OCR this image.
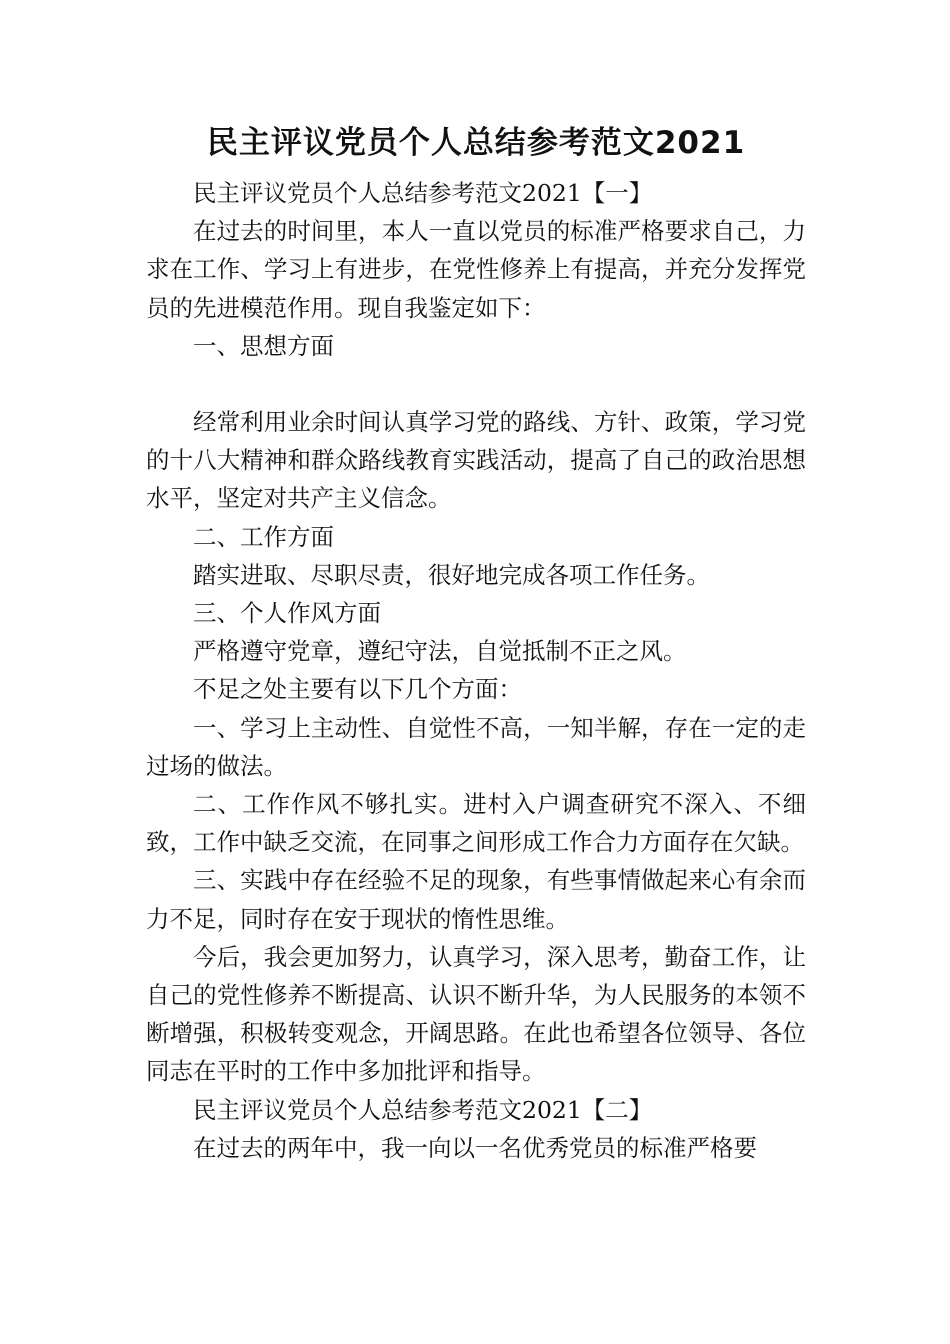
民主评议党员个人总结参考范文2021

民主评议党员个人总结参考范文2021【一】

在过去的时间里，本人一直以党员的标准严格要求自己，力求在工作、学习上有进步，在党性修养上有提高，并充分发挥党员的先进模范作用。现自我鉴定如下：

一、思想方面

经常利用业余时间认真学习党的路线、方针、政策，学习党的十八大精神和群众路线教育实践活动，提高了自己的政治思想水平，坚定对共产主义信念。

二、工作方面

踏实进取、尽职尽责，很好地完成各项工作任务。

三、个人作风方面

严格遵守党章，遵纪守法，自觉抵制不正之风。

不足之处主要有以下几个方面：

一、学习上主动性、自觉性不高，一知半解，存在一定的走过场的做法。

二、工作作风不够扎实。进村入户调查研究不深入、不细致，工作中缺乏交流，在同事之间形成工作合力方面存在欠缺。

三、实践中存在经验不足的现象，有些事情做起来心有余而力不足，同时存在安于现状的惰性思维。

今后，我会更加努力，认真学习，深入思考，勤奋工作，让自己的党性修养不断提高、认识不断升华，为人民服务的本领不断增强，积极转变观念，开阔思路。在此也希望各位领导、各位同志在平时的工作中多加批评和指导。

民主评议党员个人总结参考范文2021【二】

在过去的两年中，我一向以一名优秀党员的标准严格要
